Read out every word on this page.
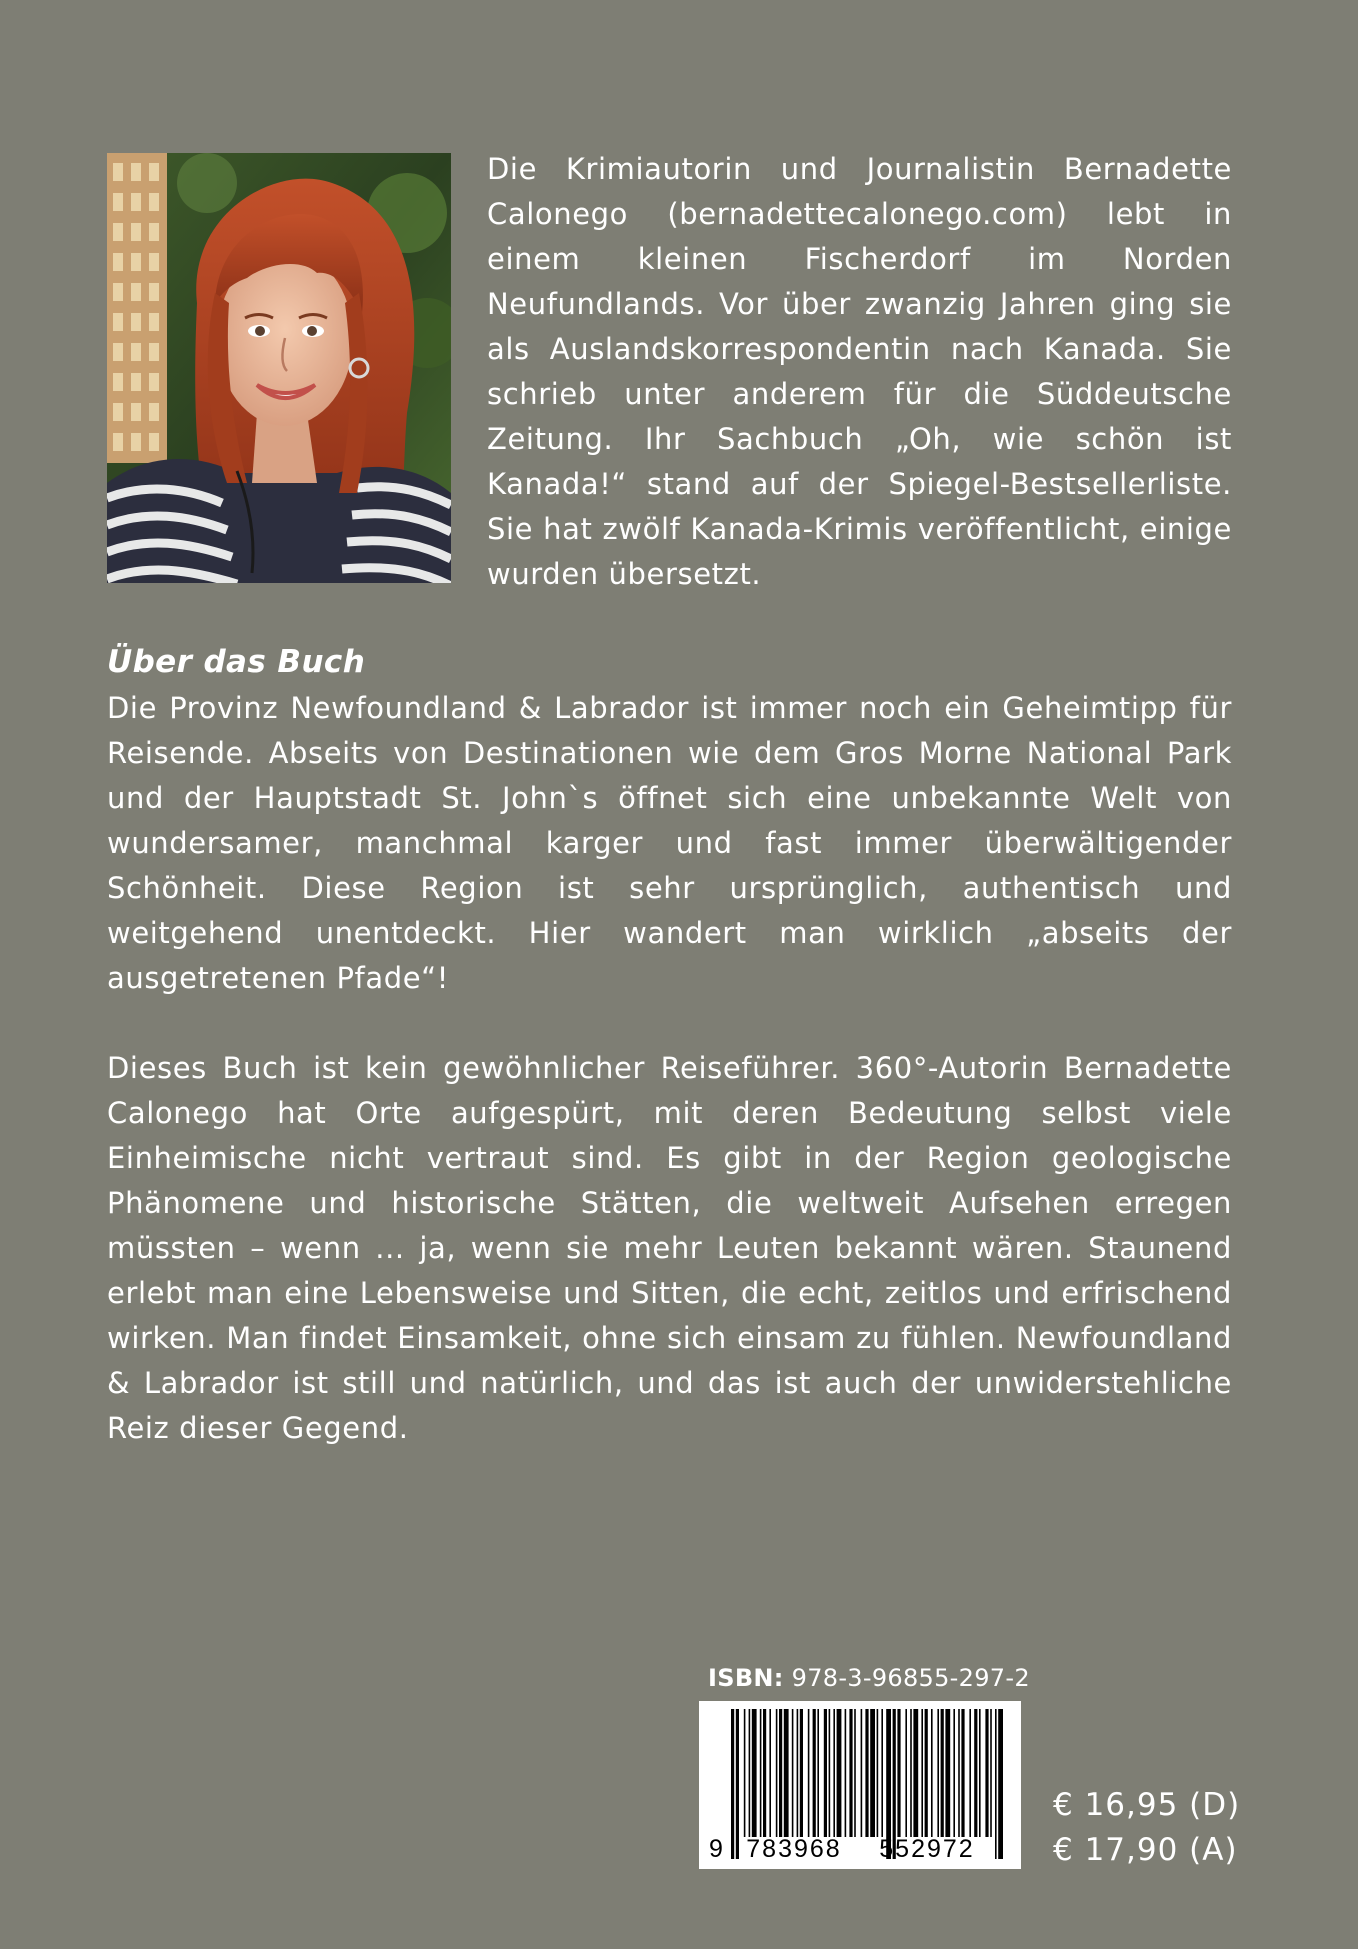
Die Krimiautorin und Journalistin Bernadette Calonego (bernadettecalonego.com) lebt in einem kleinen Fischerdorf im Norden Neufundlands. Vor über zwanzig Jahren ging sie als Auslandskorrespondentin nach Kanada. Sie schrieb unter anderem für die Süddeutsche Zeitung. Ihr Sachbuch „Oh, wie schön ist Kanada!“ stand auf der Spiegel-Bestsellerliste. Sie hat zwölf Kanada-Krimis veröffentlicht, einige wurden übersetzt.

Über das Buch

Die Provinz Newfoundland & Labrador ist immer noch ein Geheimtipp für Reisende. Abseits von Destinationen wie dem Gros Morne National Park und der Hauptstadt St. John`s öffnet sich eine unbekannte Welt von wundersamer, manchmal karger und fast immer überwältigender Schönheit. Diese Region ist sehr ursprünglich, authentisch und weitgehend unentdeckt. Hier wandert man wirklich „abseits der ausgetretenen Pfade“!

Dieses Buch ist kein gewöhnlicher Reiseführer. 360°-Autorin Bernadette Calonego hat Orte aufgespürt, mit deren Bedeutung selbst viele Einheimische nicht vertraut sind. Es gibt in der Region geologische Phänomene und historische Stätten, die weltweit Aufsehen erregen müssten – wenn ... ja, wenn sie mehr Leuten bekannt wären. Staunend erlebt man eine Lebensweise und Sitten, die echt, zeitlos und erfrischend wirken. Man findet Einsamkeit, ohne sich einsam zu fühlen. Newfoundland & Labrador ist still und natürlich, und das ist auch der unwiderstehliche Reiz dieser Gegend.

ISBN: 978-3-96855-297-2
9 783968 552972
€ 16,95 (D)
€ 17,90 (A)
